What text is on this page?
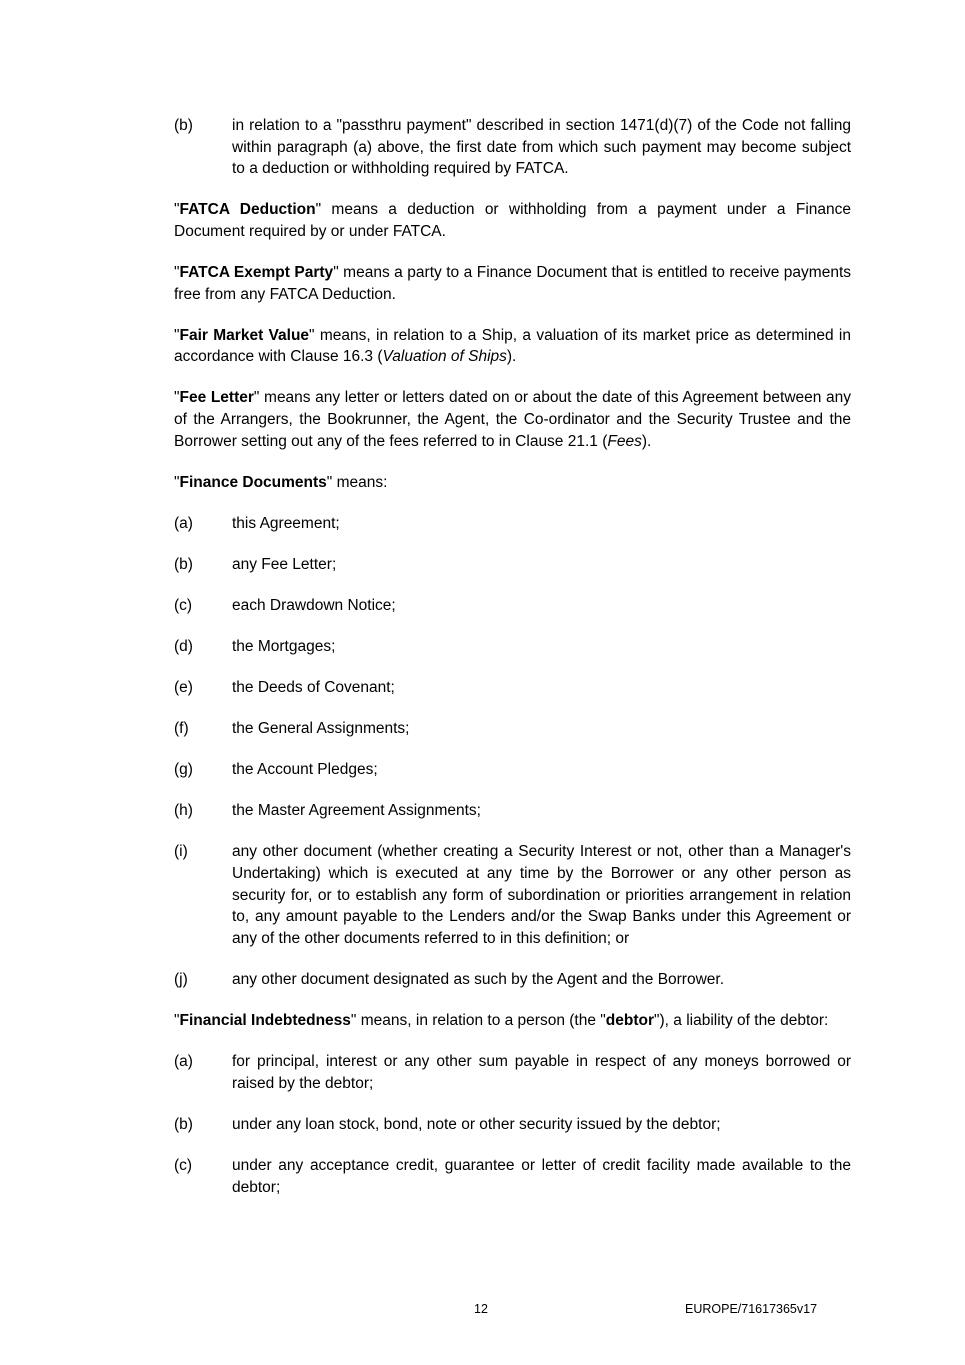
(b)	in relation to a "passthru payment" described in section 1471(d)(7) of the Code not falling within paragraph (a) above, the first date from which such payment may become subject to a deduction or withholding required by FATCA.

"FATCA Deduction" means a deduction or withholding from a payment under a Finance Document required by or under FATCA.

"FATCA Exempt Party" means a party to a Finance Document that is entitled to receive payments free from any FATCA Deduction.

"Fair Market Value" means, in relation to a Ship, a valuation of its market price as determined in accordance with Clause 16.3 (Valuation of Ships).

"Fee Letter" means any letter or letters dated on or about the date of this Agreement between any of the Arrangers, the Bookrunner, the Agent, the Co-ordinator and the Security Trustee and the Borrower setting out any of the fees referred to in Clause 21.1 (Fees).

"Finance Documents" means:

(a)	this Agreement;
(b)	any Fee Letter;
(c)	each Drawdown Notice;
(d)	the Mortgages;
(e)	the Deeds of Covenant;
(f)	the General Assignments;
(g)	the Account Pledges;
(h)	the Master Agreement Assignments;
(i)	any other document (whether creating a Security Interest or not, other than a Manager's Undertaking) which is executed at any time by the Borrower or any other person as security for, or to establish any form of subordination or priorities arrangement in relation to, any amount payable to the Lenders and/or the Swap Banks under this Agreement or any of the other documents referred to in this definition; or
(j)	any other document designated as such by the Agent and the Borrower.

"Financial Indebtedness" means, in relation to a person (the "debtor"), a liability of the debtor:

(a)	for principal, interest or any other sum payable in respect of any moneys borrowed or raised by the debtor;
(b)	under any loan stock, bond, note or other security issued by the debtor;
(c)	under any acceptance credit, guarantee or letter of credit facility made available to the debtor;
12	EUROPE/71617365v17
